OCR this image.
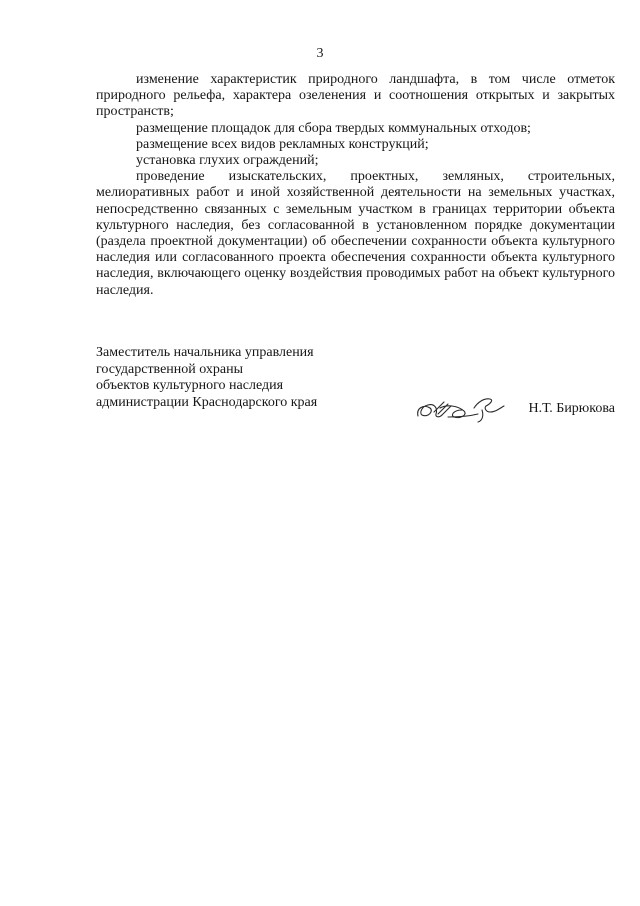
3

изменение характеристик природного ландшафта, в том числе отметок природного рельефа, характера озеленения и соотношения открытых и закрытых пространств;

размещение площадок для сбора твердых коммунальных отходов;

размещение всех видов рекламных конструкций;

установка глухих ограждений;

проведение изыскательских, проектных, земляных, строительных, мелиоративных работ и иной хозяйственной деятельности на земельных участках, непосредственно связанных с земельным участком в границах территории объекта культурного наследия, без согласованной в установленном порядке документации (раздела проектной документации) об обеспечении сохранности объекта культурного наследия или согласованного проекта обеспечения сохранности объекта культурного наследия, включающего оценку воздействия проводимых работ на объект культурного наследия.

Заместитель начальника управления
государственной охраны
объектов культурного наследия
администрации Краснодарского края	Н.Т. Бирюкова
